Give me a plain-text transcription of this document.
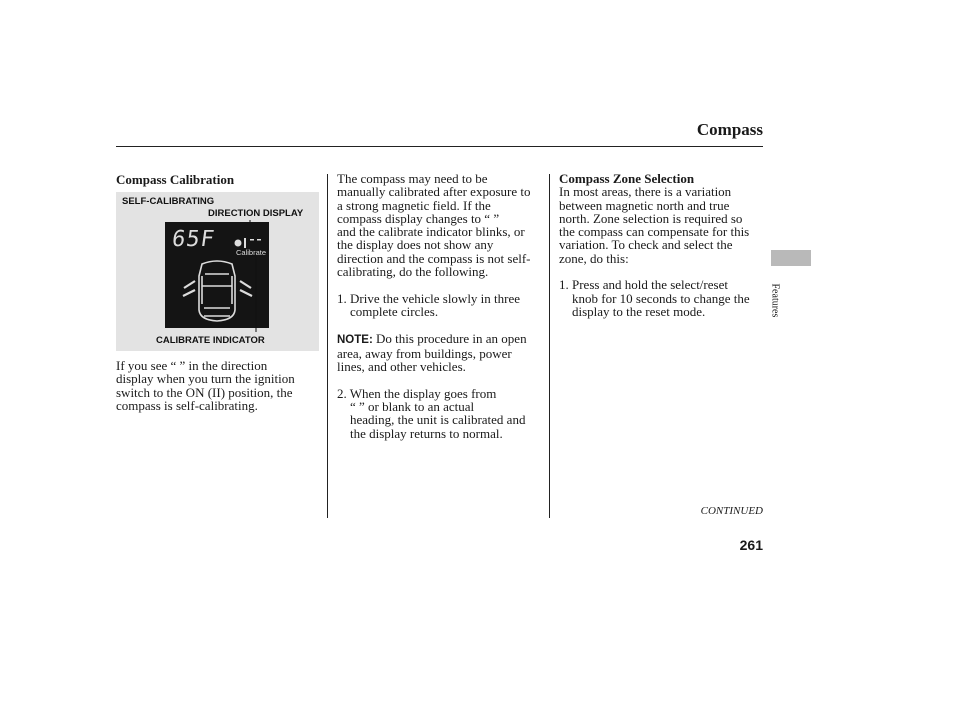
Compass
Features
Compass Calibration
SELF-CALIBRATING
DIRECTION DISPLAY
65F
Calibrate
CALIBRATE INDICATOR

If you see “ ” in the direction

display when you turn the ignition

switch to the ON (II) position, the

compass is self-calibrating.

The compass may need to be

manually calibrated after exposure to

a strong magnetic field. If the

compass display changes to “ ”

and the calibrate indicator blinks, or

the display does not show any

direction and the compass is not self-

calibrating, do the following.

1. Drive the vehicle slowly in three

complete circles.

NOTE: Do this procedure in an open

area, away from buildings, power

lines, and other vehicles.

2. When the display goes from

“ ” or blank to an actual

heading, the unit is calibrated and

the display returns to normal.

Compass Zone Selection

In most areas, there is a variation

between magnetic north and true

north. Zone selection is required so

the compass can compensate for this

variation. To check and select the

zone, do this:

1. Press and hold the select/reset

knob for 10 seconds to change the

display to the reset mode.

CONTINUED
261
